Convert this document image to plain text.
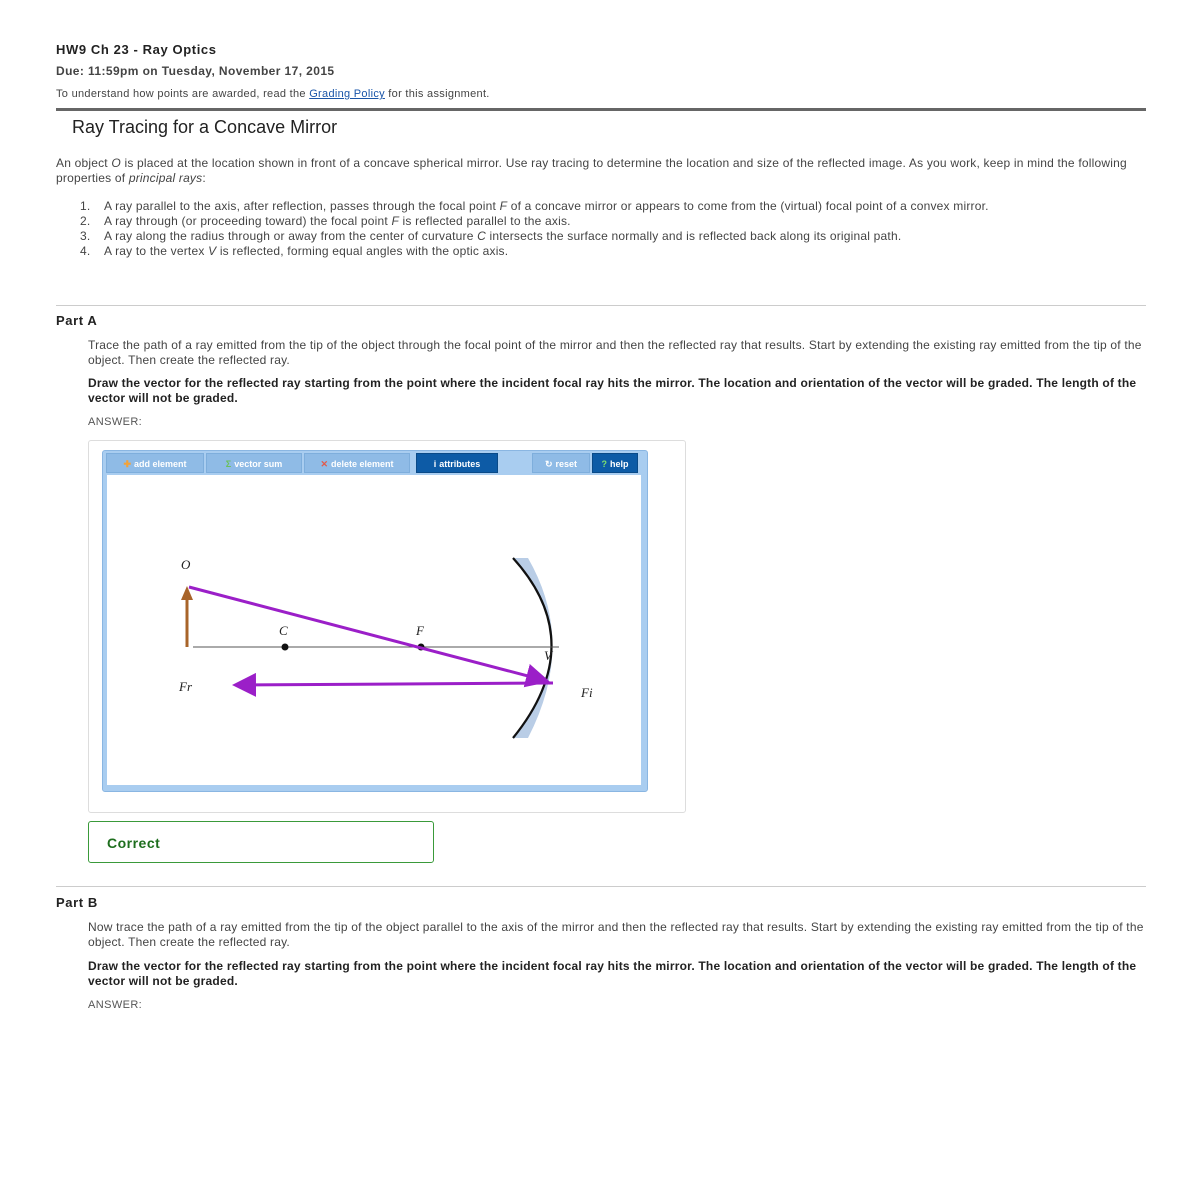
HW9 Ch 23 - Ray Optics
Due: 11:59pm on Tuesday, November 17, 2015
To understand how points are awarded, read the Grading Policy for this assignment.
Ray Tracing for a Concave Mirror
An object O is placed at the location shown in front of a concave spherical mirror. Use ray tracing to determine the location and size of the reflected image. As you work, keep in mind the following properties of principal rays:
1. A ray parallel to the axis, after reflection, passes through the focal point F of a concave mirror or appears to come from the (virtual) focal point of a convex mirror.
2. A ray through (or proceeding toward) the focal point F is reflected parallel to the axis.
3. A ray along the radius through or away from the center of curvature C intersects the surface normally and is reflected back along its original path.
4. A ray to the vertex V is reflected, forming equal angles with the optic axis.
Part A
Trace the path of a ray emitted from the tip of the object through the focal point of the mirror and then the reflected ray that results. Start by extending the existing ray emitted from the tip of the object. Then create the reflected ray.
Draw the vector for the reflected ray starting from the point where the incident focal ray hits the mirror. The location and orientation of the vector will be graded. The length of the vector will not be graded.
ANSWER:
✚ add element	Σ vector sum	✕ delete element	i attributes	↻ reset	? help
O
C	F
V
Fr	Fi
Correct
Part B
Now trace the path of a ray emitted from the tip of the object parallel to the axis of the mirror and then the reflected ray that results. Start by extending the existing ray emitted from the tip of the object. Then create the reflected ray.
Draw the vector for the reflected ray starting from the point where the incident focal ray hits the mirror. The location and orientation of the vector will be graded. The length of the vector will not be graded.
ANSWER:
